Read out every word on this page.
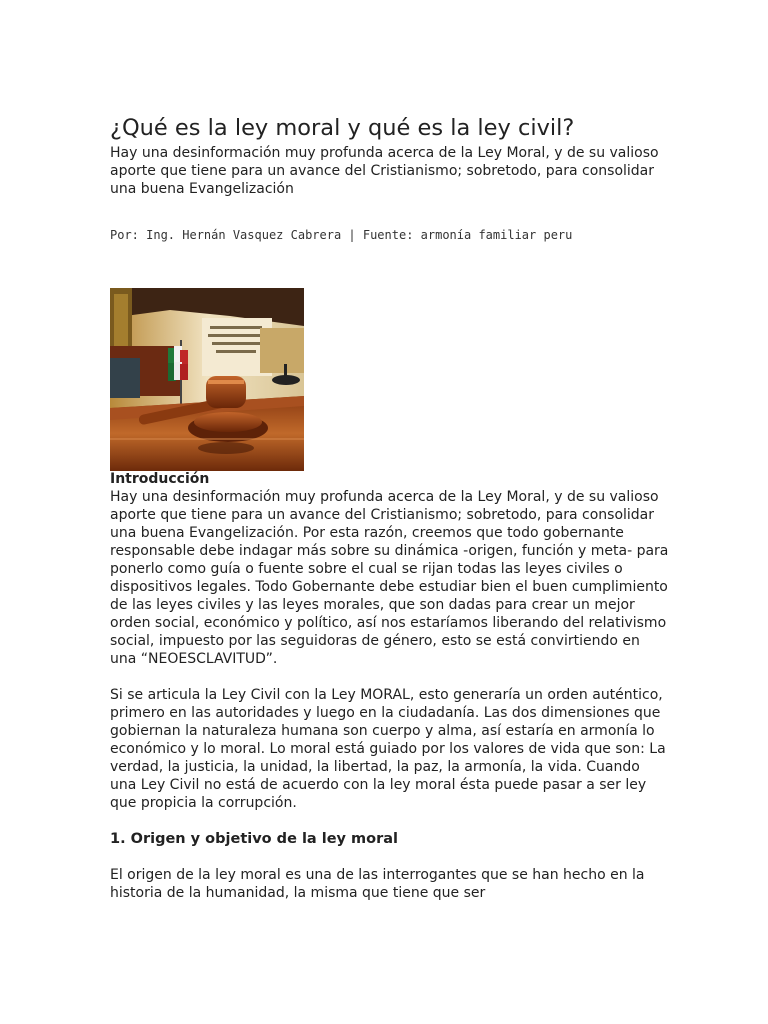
¿Qué es la ley moral y qué es la ley civil?

Hay una desinformación muy profunda acerca de la Ley Moral, y de su valioso aporte que tiene para un avance del Cristianismo; sobretodo, para consolidar una buena Evangelización

Por: Ing. Hernán Vasquez Cabrera | Fuente: armonía familiar peru

Introducción

Hay una desinformación muy profunda acerca de la Ley Moral, y de su valioso aporte que tiene para un avance del Cristianismo; sobretodo, para consolidar una buena Evangelización. Por esta razón, creemos que todo gobernante responsable debe indagar más sobre su dinámica -origen, función y meta- para ponerlo como guía o fuente sobre el cual se rijan todas las leyes civiles o dispositivos legales. Todo Gobernante debe estudiar bien el buen cumplimiento de las leyes civiles y las leyes morales, que son dadas para crear un mejor orden social, económico y político, así nos estaríamos liberando del relativismo social, impuesto por las seguidoras de género, esto se está convirtiendo en una “NEOESCLAVITUD”.

Si se articula la Ley Civil con la Ley MORAL, esto generaría un orden auténtico, primero en las autoridades y luego en la ciudadanía. Las dos dimensiones que gobiernan la naturaleza humana son cuerpo y alma, así estaría en armonía lo económico y lo moral. Lo moral está guiado por los valores de vida que son: La verdad, la justicia, la unidad, la libertad, la paz, la armonía, la vida. Cuando una Ley Civil no está de acuerdo con la ley moral ésta puede pasar a ser ley que propicia la corrupción.

1. Origen y objetivo de la ley moral

El origen de la ley moral es una de las interrogantes que se han hecho en la historia de la humanidad, la misma que tiene que ser
